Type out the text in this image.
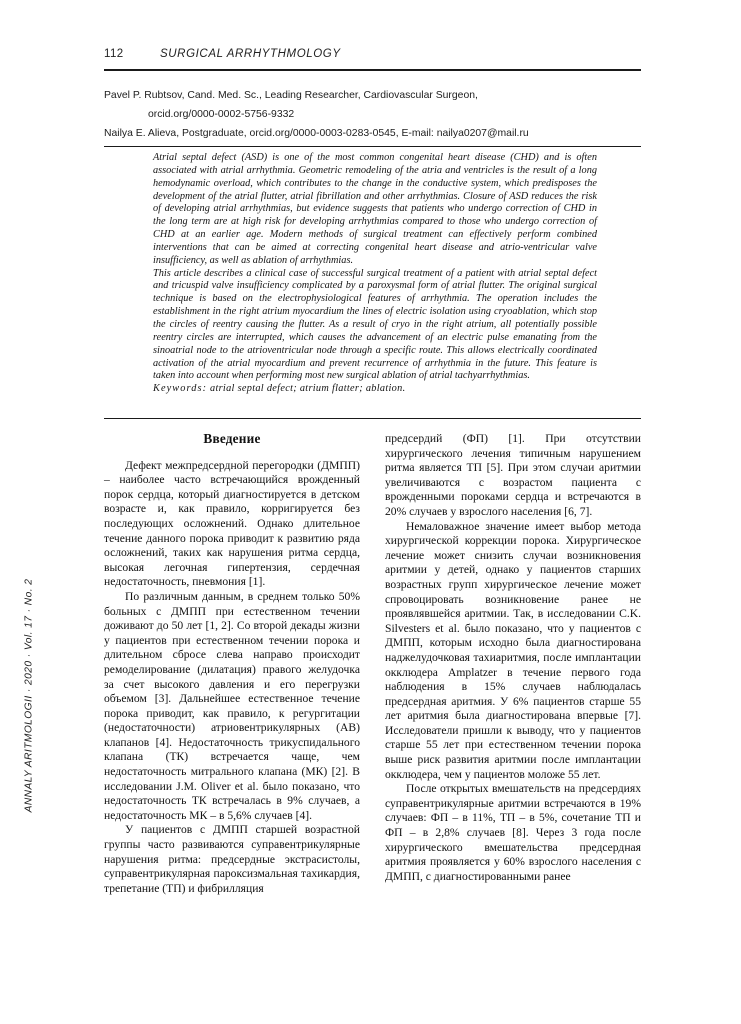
112	SURGICAL ARRHYTHMOLOGY
Pavel P. Rubtsov, Cand. Med. Sc., Leading Researcher, Cardiovascular Surgeon,
orcid.org/0000-0002-5756-9332
Nailya E. Alieva, Postgraduate, orcid.org/0000-0003-0283-0545, E-mail: nailya0207@mail.ru

Atrial septal defect (ASD) is one of the most common congenital heart disease (CHD) and is often associated with atrial arrhythmia. Geometric remodeling of the atria and ventricles is the result of a long hemodynamic overload, which contributes to the change in the conductive system, which predisposes the development of the atrial flutter, atrial fibrillation and other arrhythmias. Closure of ASD reduces the risk of developing atrial arrhythmias, but evidence suggests that patients who undergo correction of CHD in the long term are at high risk for developing arrhythmias compared to those who undergo correction of CHD at an earlier age. Modern methods of surgical treatment can effectively perform combined interventions that can be aimed at correcting congenital heart disease and atrio-ventricular valve insufficiency, as well as ablation of arrhythmias.

This article describes a clinical case of successful surgical treatment of a patient with atrial septal defect and tricuspid valve insufficiency complicated by a paroxysmal form of atrial flutter. The original surgical technique is based on the electrophysiological features of arrhythmia. The operation includes the establishment in the right atrium myocardium the lines of electric isolation using cryoablation, which stop the circles of reentry causing the flutter. As a result of cryo in the right atrium, all potentially possible reentry circles are interrupted, which causes the advancement of an electric pulse emanating from the sinoatrial node to the atrioventricular node through a specific route. This allows electrically coordinated activation of the atrial myocardium and prevent recurrence of arrhythmia in the future. This feature is taken into account when performing most new surgical ablation of atrial tachyarrhythmias.

Keywords: atrial septal defect; atrium flatter; ablation.

Введение

Дефект межпредсердной перегородки (ДМПП) – наиболее часто встречающийся врожденный порок сердца, который диагностируется в детском возрасте и, как правило, корригируется без последующих осложнений. Однако длительное течение данного порока приводит к развитию ряда осложнений, таких как нарушения ритма сердца, высокая легочная гипертензия, сердечная недостаточность, пневмония [1].

По различным данным, в среднем только 50% больных с ДМПП при естественном течении доживают до 50 лет [1, 2]. Со второй декады жизни у пациентов при естественном течении порока и длительном сбросе слева направо происходит ремоделирование (дилатация) правого желудочка за счет высокого давления и его перегрузки объемом [3]. Дальнейшее естественное течение порока приводит, как правило, к регургитации (недостаточности) атриовентрикулярных (АВ) клапанов [4]. Недостаточность трикуспидального клапана (ТК) встречается чаще, чем недостаточность митрального клапана (МК) [2]. В исследовании J.M. Oliver et al. было показано, что недостаточность ТК встречалась в 9% случаев, а недостаточность МК – в 5,6% случаев [4].

У пациентов с ДМПП старшей возрастной группы часто развиваются суправентрикулярные нарушения ритма: предсердные экстрасистолы, суправентрикулярная пароксизмальная тахикардия, трепетание (ТП) и фибрилляция

предсердий (ФП) [1]. При отсутствии хирургического лечения типичным нарушением ритма является ТП [5]. При этом случаи аритмии увеличиваются с возрастом пациента с врожденными пороками сердца и встречаются в 20% случаев у взрослого населения [6, 7].

Немаловажное значение имеет выбор метода хирургической коррекции порока. Хирургическое лечение может снизить случаи возникновения аритмии у детей, однако у пациентов старших возрастных групп хирургическое лечение может спровоцировать возникновение ранее не проявлявшейся аритмии. Так, в исследовании C.K. Silvesters et al. было показано, что у пациентов с ДМПП, которым исходно была диагностирована наджелудочковая тахиаритмия, после имплантации окклюдера Amplatzer в течение первого года наблюдения в 15% случаев наблюдалась предсердная аритмия. У 6% пациентов старше 55 лет аритмия была диагностирована впервые [7]. Исследователи пришли к выводу, что у пациентов старше 55 лет при естественном течении порока выше риск развития аритмии после имплантации окклюдера, чем у пациентов моложе 55 лет.

После открытых вмешательств на предсердиях суправентрикулярные аритмии встречаются в 19% случаев: ФП – в 11%, ТП – в 5%, сочетание ТП и ФП – в 2,8% случаев [8]. Через 3 года после хирургического вмешательства предсердная аритмия проявляется у 60% взрослого населения с ДМПП, с диагностированными ранее

ANNALY ARITMOLOGII · 2020 · Vol. 17 · No. 2
